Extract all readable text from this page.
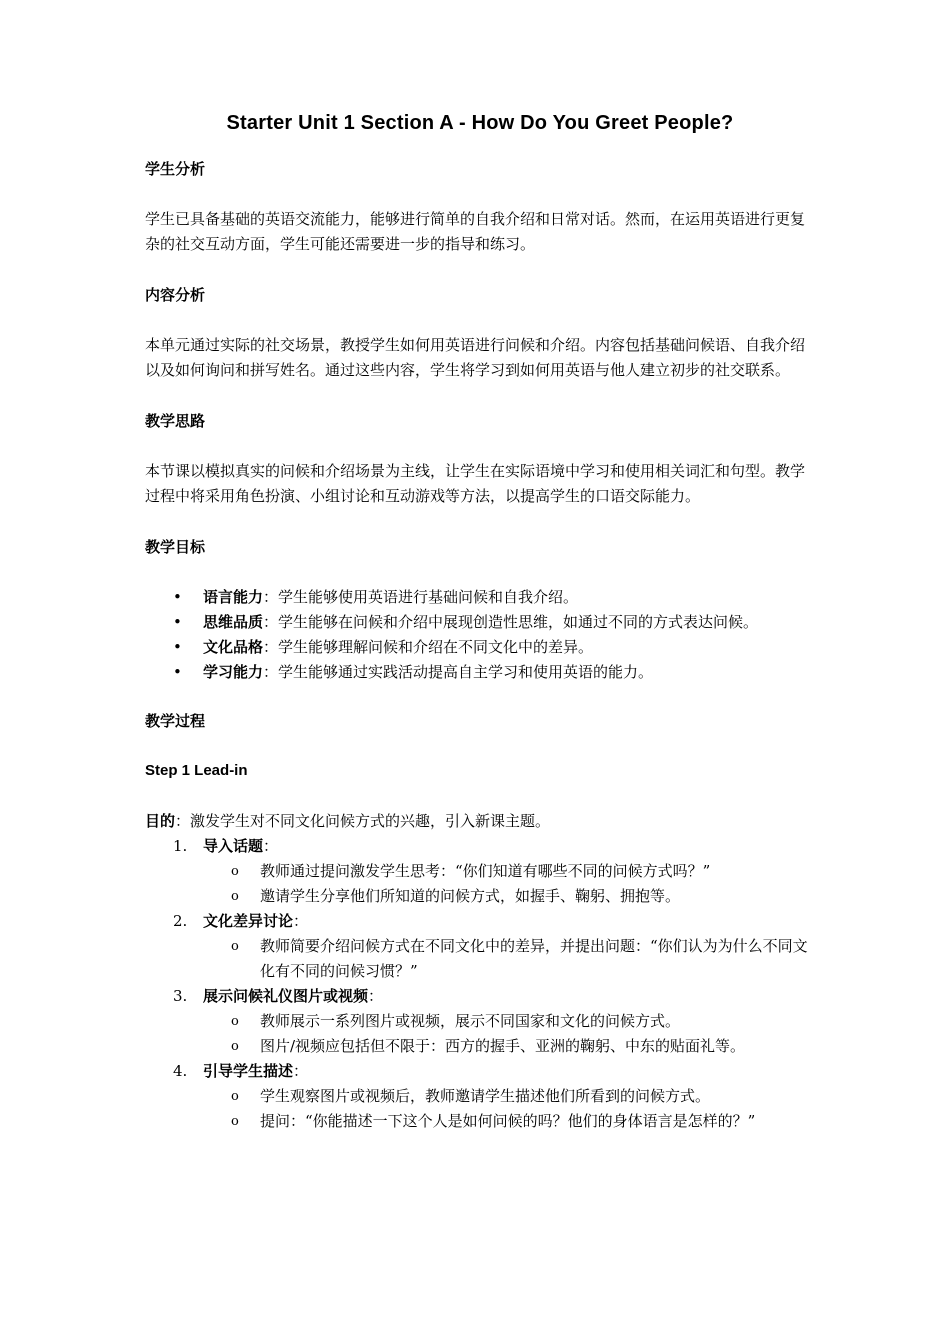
Starter Unit 1 Section A - How Do You Greet People?
学生分析
学生已具备基础的英语交流能力，能够进行简单的自我介绍和日常对话。然而，在运用英语进行更复杂的社交互动方面，学生可能还需要进一步的指导和练习。
内容分析
本单元通过实际的社交场景，教授学生如何用英语进行问候和介绍。内容包括基础问候语、自我介绍以及如何询问和拼写姓名。通过这些内容，学生将学习到如何用英语与他人建立初步的社交联系。
教学思路
本节课以模拟真实的问候和介绍场景为主线，让学生在实际语境中学习和使用相关词汇和句型。教学过程中将采用角色扮演、小组讨论和互动游戏等方法，以提高学生的口语交际能力。
教学目标
• 语言能力：学生能够使用英语进行基础问候和自我介绍。
• 思维品质：学生能够在问候和介绍中展现创造性思维，如通过不同的方式表达问候。
• 文化品格：学生能够理解问候和介绍在不同文化中的差异。
• 学习能力：学生能够通过实践活动提高自主学习和使用英语的能力。
教学过程
Step 1 Lead-in

目的：激发学生对不同文化问候方式的兴趣，引入新课主题。

1. 导入话题：
o 教师通过提问激发学生思考：“你们知道有哪些不同的问候方式吗？”
o 邀请学生分享他们所知道的问候方式，如握手、鞠躬、拥抱等。
2. 文化差异讨论：
o 教师简要介绍问候方式在不同文化中的差异，并提出问题：“你们认为为什么不同文化有不同的问候习惯？”
3. 展示问候礼仪图片或视频：
o 教师展示一系列图片或视频，展示不同国家和文化的问候方式。
o 图片/视频应包括但不限于：西方的握手、亚洲的鞠躬、中东的贴面礼等。
4. 引导学生描述：
o 学生观察图片或视频后，教师邀请学生描述他们所看到的问候方式。
o 提问：“你能描述一下这个人是如何问候的吗？他们的身体语言是怎样的？”
